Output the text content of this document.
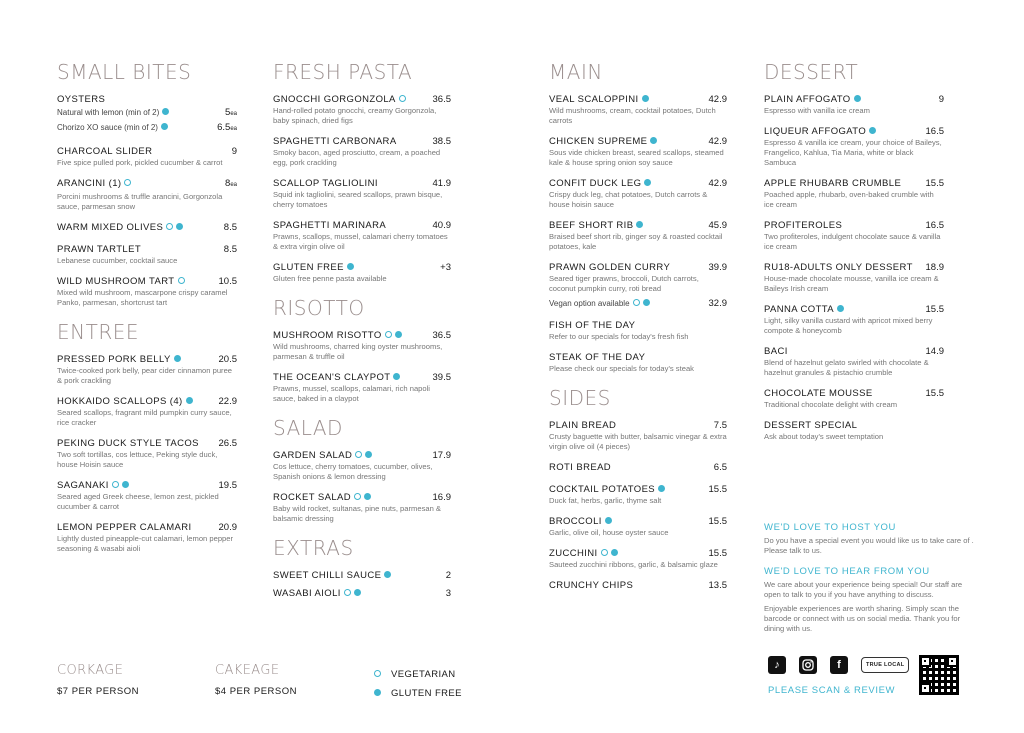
SMALL BITES
OYSTERS
Natural with lemon (min of 2)	5ea
Chorizo XO sauce (min of 2)	6.5ea
CHARCOAL SLIDER	9
Five spice pulled pork, pickled cucumber & carrot
ARANCINI (1)	8ea
Porcini mushrooms & truffle arancini, Gorgonzola sauce, parmesan snow
WARM MIXED OLIVES	8.5
PRAWN TARTLET	8.5
Lebanese cucumber, cocktail sauce
WILD MUSHROOM TART	10.5
Mixed wild mushroom, mascarpone crispy caramel Panko, parmesan, shortcrust tart
ENTREE
PRESSED PORK BELLY	20.5
Twice-cooked pork belly, pear cider cinnamon puree & pork crackling
HOKKAIDO SCALLOPS (4)	22.9
Seared scallops, fragrant mild pumpkin curry sauce, rice cracker
PEKING DUCK STYLE TACOS 26.5
Two soft tortillas, cos lettuce, Peking style duck, house Hoisin sauce
SAGANAKI	19.5
Seared aged Greek cheese, lemon zest, pickled cucumber & carrot
LEMON PEPPER CALAMARI	20.9
Lightly dusted pineapple-cut calamari, lemon pepper seasoning & wasabi aioli
FRESH PASTA
GNOCCHI GORGONZOLA	36.5
Hand-rolled potato gnocchi, creamy Gorgonzola, baby spinach, dried figs
SPAGHETTI CARBONARA	38.5
Smoky bacon, aged prosciutto, cream, a poached egg, pork crackling
SCALLOP TAGLIOLINI	41.9
Squid ink tagliolini, seared scallops, prawn bisque, cherry tomatoes
SPAGHETTI MARINARA	40.9
Prawns, scallops, mussel, calamari cherry tomatoes & extra virgin olive oil
GLUTEN FREE	+3
Gluten free penne pasta available
RISOTTO
MUSHROOM RISOTTO	36.5
Wild mushrooms, charred king oyster mushrooms, parmesan & truffle oil
THE OCEAN'S CLAYPOT	39.5
Prawns, mussel, scallops, calamari, rich napoli sauce, baked in a claypot
SALAD
GARDEN SALAD	17.9
Cos lettuce, cherry tomatoes, cucumber, olives, Spanish onions & lemon dressing
ROCKET SALAD	16.9
Baby wild rocket, sultanas, pine nuts, parmesan & balsamic dressing
EXTRAS
SWEET CHILLI SAUCE	2
WASABI AIOLI	3
MAIN
VEAL SCALOPPINI	42.9
Wild mushrooms, cream, cocktail potatoes, Dutch carrots
CHICKEN SUPREME	42.9
Sous vide chicken breast, seared scallops, steamed kale & house spring onion soy sauce
CONFIT DUCK LEG	42.9
Crispy duck leg, chat potatoes, Dutch carrots & house hoisin sauce
BEEF SHORT RIB	45.9
Braised beef short rib, ginger soy & roasted cocktail potatoes, kale
PRAWN GOLDEN CURRY	39.9
Seared tiger prawns, broccoli, Dutch carrots, coconut pumpkin curry, roti bread
Vegan option available	32.9
FISH OF THE DAY
Refer to our specials for today's fresh fish
STEAK OF THE DAY
Please check our specials for today's steak
SIDES
PLAIN BREAD	7.5
Crusty baguette with butter, balsamic vinegar & extra virgin olive oil (4 pieces)
ROTI BREAD	6.5
COCKTAIL POTATOES	15.5
Duck fat, herbs, garlic, thyme salt
BROCCOLI	15.5
Garlic, olive oil, house oyster sauce
ZUCCHINI	15.5
Sauteed zucchini ribbons, garlic, & balsamic glaze
CRUNCHY CHIPS	13.5
DESSERT
PLAIN AFFOGATO	9
Espresso with vanilla ice cream
LIQUEUR AFFOGATO	16.5
Espresso & vanilla ice cream, your choice of Baileys, Frangelico, Kahlua, Tia Maria, white or black Sambuca
APPLE RHUBARB CRUMBLE	15.5
Poached apple, rhubarb, oven-baked crumble with ice cream
PROFITEROLES	16.5
Two profiteroles, indulgent chocolate sauce & vanilla ice cream
RU18-ADULTS ONLY DESSERT 18.9
House-made chocolate mousse, vanilla ice cream & Baileys Irish cream
PANNA COTTA	15.5
Light, silky vanilla custard with apricot mixed berry compote & honeycomb
BACI	14.9
Blend of hazelnut gelato swirled with chocolate & hazelnut granules & pistachio crumble
CHOCOLATE MOUSSE	15.5
Traditional chocolate delight with cream
DESSERT SPECIAL
Ask about today's sweet temptation
WE'D LOVE TO HOST YOU
Do you have a special event you would like us to take care of . Please talk to us.
WE'D LOVE TO HEAR FROM YOU
We care about your experience being special! Our staff are open to talk to you if you have anything to discuss.
Enjoyable experiences are worth sharing. Simply scan the barcode or connect with us on social media. Thank you for dining with us.
♪	f	TRUE LOCAL
PLEASE SCAN & REVIEW
CORKAGE
$7 PER PERSON
CAKEAGE
$4 PER PERSON
VEGETARIAN
GLUTEN FREE
